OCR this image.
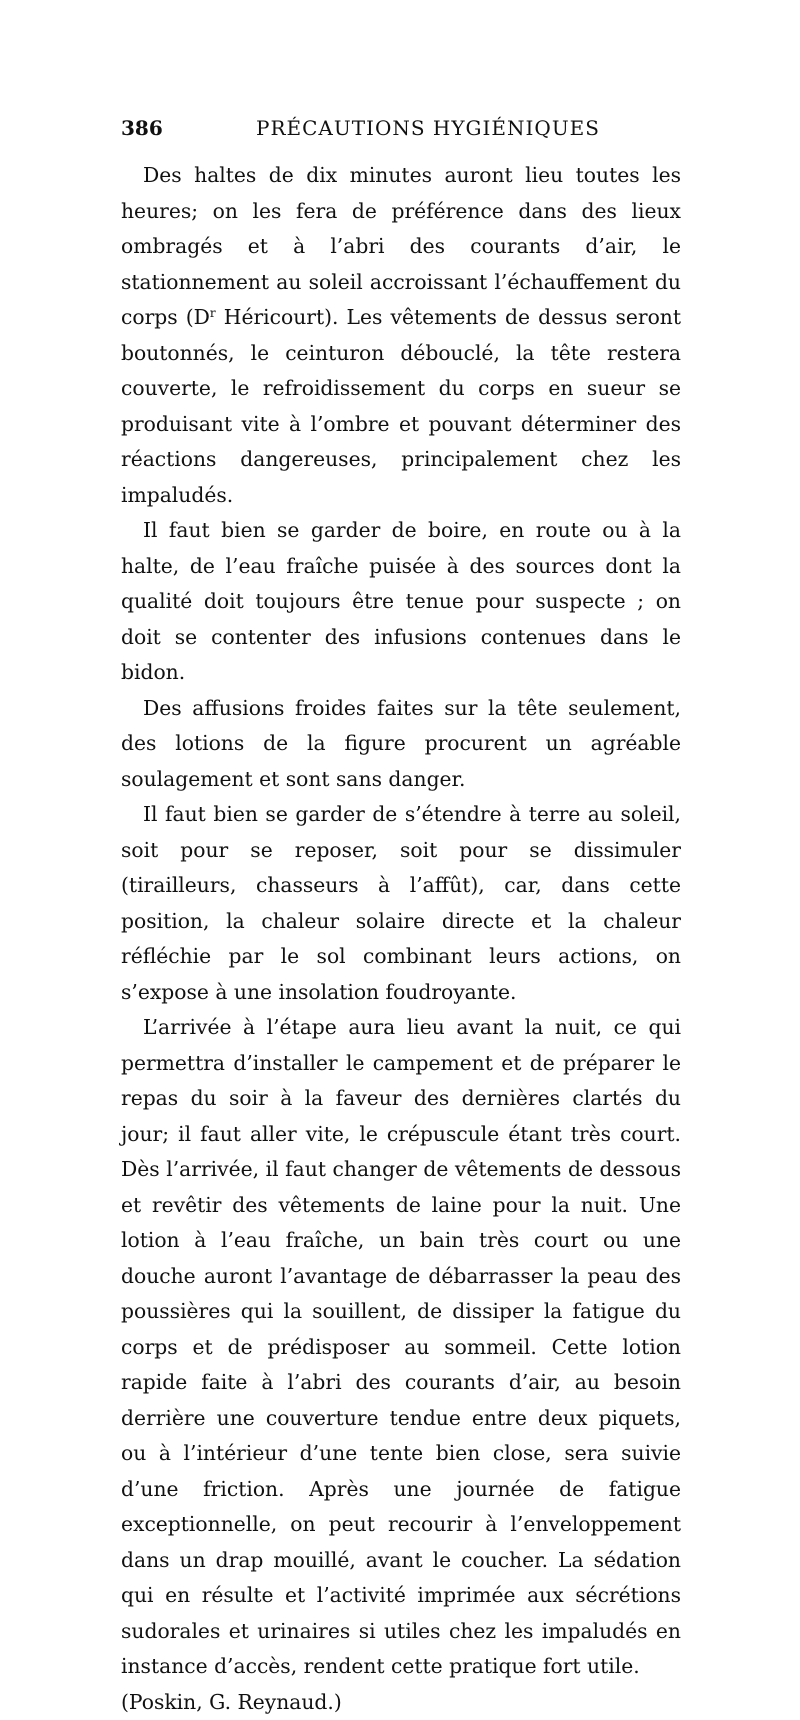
386	PRÉCAUTIONS HYGIÉNIQUES

Des haltes de dix minutes auront lieu toutes les heures; on les fera de préférence dans des lieux ombragés et à l’abri des courants d’air, le stationnement au soleil accroissant l’échauffement du corps ($D^r$ Héricourt). Les vêtements de dessus seront boutonnés, le ceinturon débouclé, la tête restera couverte, le refroidissement du corps en sueur se produisant vite à l’ombre et pouvant déterminer des réactions dangereuses, principalement chez les impaludés.

Il faut bien se garder de boire, en route ou à la halte, de l’eau fraîche puisée à des sources dont la qualité doit toujours être tenue pour suspecte ; on doit se contenter des infusions contenues dans le bidon.

Des affusions froides faites sur la tête seulement, des lotions de la figure procurent un agréable soulagement et sont sans danger.

Il faut bien se garder de s’étendre à terre au soleil, soit pour se reposer, soit pour se dissimuler (tirailleurs, chasseurs à l’affût), car, dans cette position, la chaleur solaire directe et la chaleur réfléchie par le sol combinant leurs actions, on s’expose à une insolation foudroyante.

L’arrivée à l’étape aura lieu avant la nuit, ce qui permettra d’installer le campement et de préparer le repas du soir à la faveur des dernières clartés du jour; il faut aller vite, le crépuscule étant très court. Dès l’arrivée, il faut changer de vêtements de dessous et revêtir des vêtements de laine pour la nuit. Une lotion à l’eau fraîche, un bain très court ou une douche auront l’avantage de débarrasser la peau des poussières qui la souillent, de dissiper la fatigue du corps et de prédisposer au sommeil. Cette lotion rapide faite à l’abri des courants d’air, au besoin derrière une couverture tendue entre deux piquets, ou à l’intérieur d’une tente bien close, sera suivie d’une friction. Après une journée de fatigue exceptionnelle, on peut recourir à l’enveloppement dans un drap mouillé, avant le coucher. La sédation qui en résulte et l’activité imprimée aux sécrétions sudorales et urinaires si utiles chez les impaludés en instance d’accès, rendent cette pratique fort utile.

(Poskin, G. Reynaud.)
